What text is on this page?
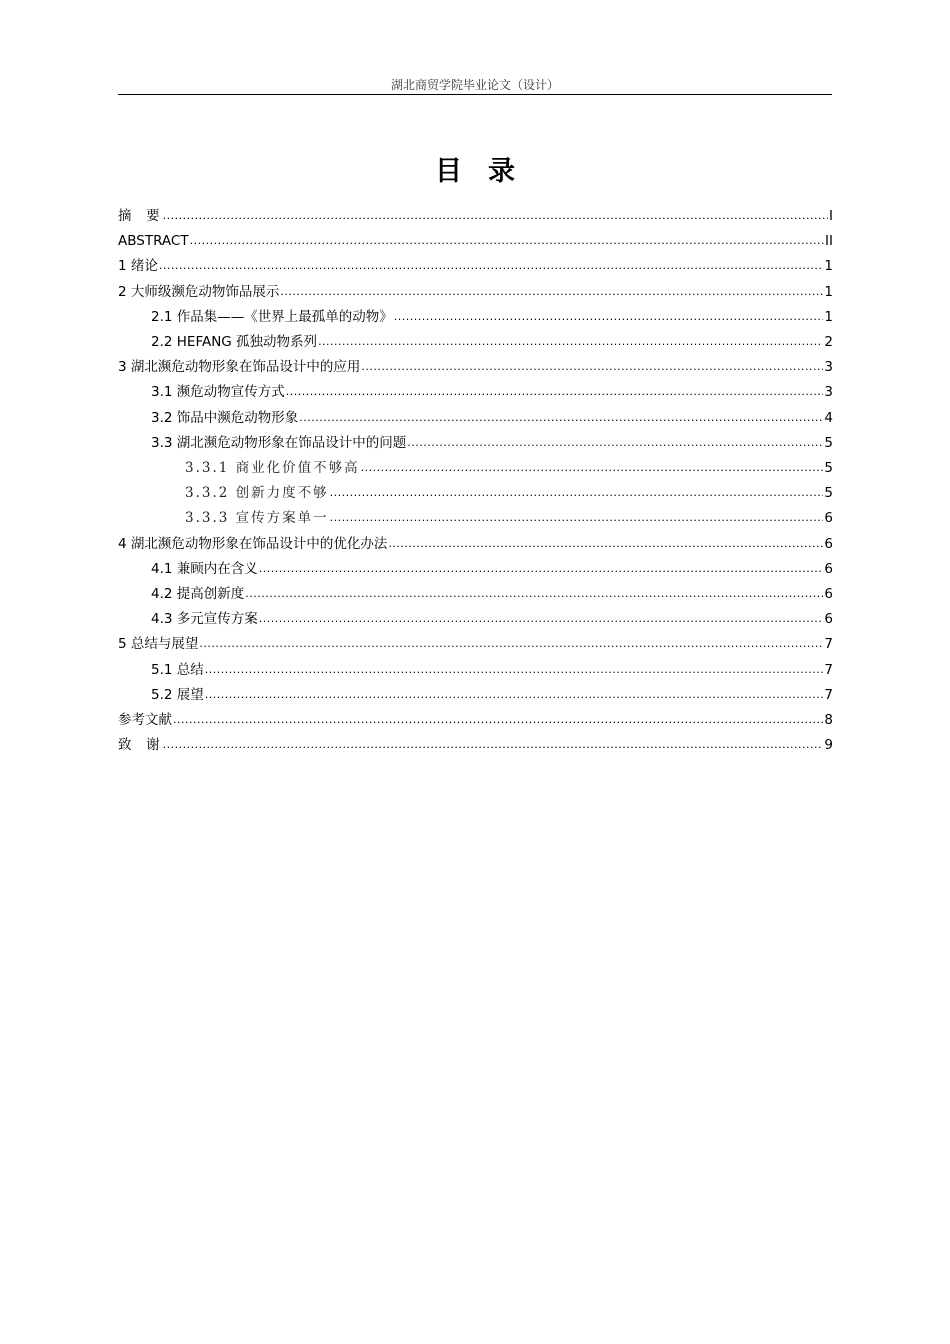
湖北商贸学院毕业论文（设计）
目录
摘  要 .....	I
ABSTRACT .....	II
1 绪论 .....	1
2 大师级濒危动物饰品展示 .....	1
2.1 作品集——《世界上最孤单的动物》 .....	1
2.2 HEFANG 孤独动物系列 .....	2
3 湖北濒危动物形象在饰品设计中的应用 .....	3
3.1 濒危动物宣传方式 .....	3
3.2 饰品中濒危动物形象 .....	4
3.3 湖北濒危动物形象在饰品设计中的问题 .....	5
3.3.1 商业化价值不够高 .....	5
3.3.2 创新力度不够 .....	5
3.3.3 宣传方案单一 .....	6
4 湖北濒危动物形象在饰品设计中的优化办法 .....	6
4.1 兼顾内在含义 .....	6
4.2 提高创新度 .....	6
4.3 多元宣传方案 .....	6
5 总结与展望 .....	7
5.1 总结 .....	7
5.2 展望 .....	7
参考文献 .....	8
致  谢 .....	9
